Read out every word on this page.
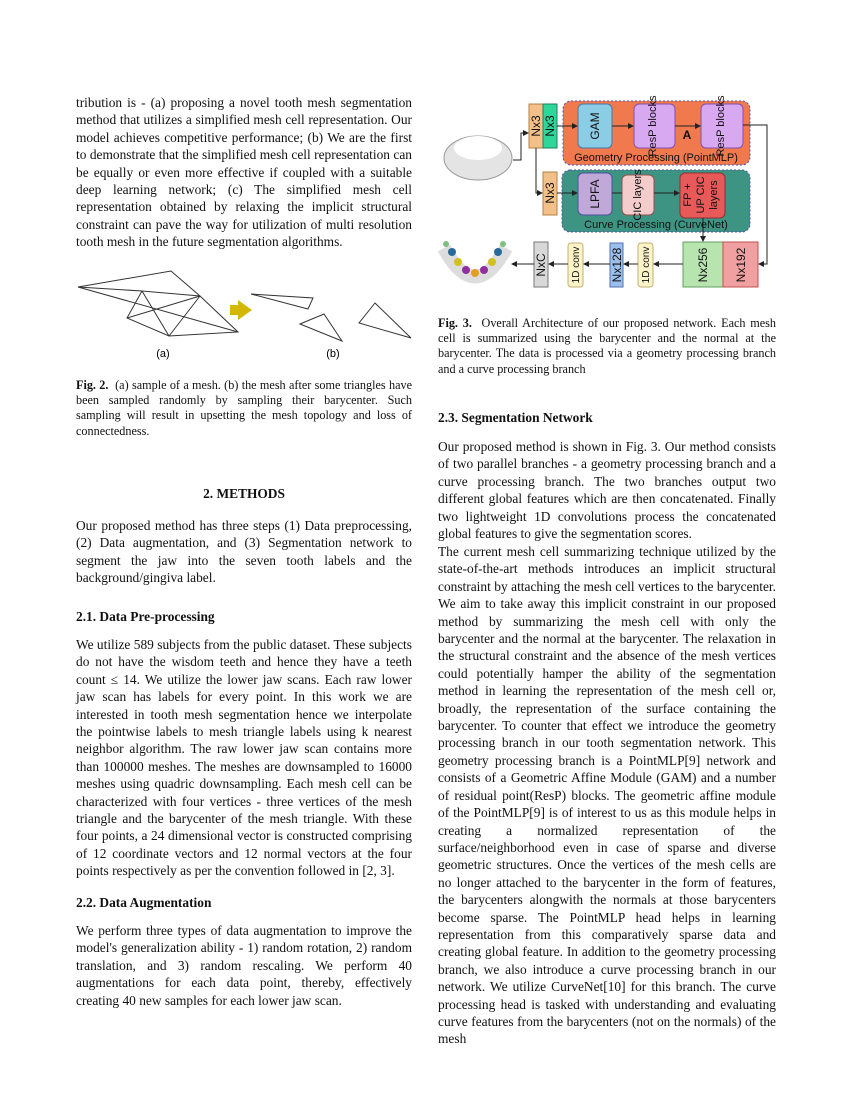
tribution is - (a) proposing a novel tooth mesh segmentation method that utilizes a simplified mesh cell representation. Our model achieves competitive performance; (b) We are the first to demonstrate that the simplified mesh cell representation can be equally or even more effective if coupled with a suitable deep learning network; (c) The simplified mesh cell representation obtained by relaxing the implicit structural constraint can pave the way for utilization of multi resolution tooth mesh in the future segmentation algorithms.

(a)	(b)

Fig. 2. (a) sample of a mesh. (b) the mesh after some triangles have been sampled randomly by sampling their barycenter. Such sampling will result in upsetting the mesh topology and loss of connectedness.

2. METHODS

Our proposed method has three steps (1) Data preprocessing, (2) Data augmentation, and (3) Segmentation network to segment the jaw into the seven tooth labels and the background/gingiva label.

2.1. Data Pre-processing

We utilize 589 subjects from the public dataset. These subjects do not have the wisdom teeth and hence they have a teeth count ≤ 14. We utilize the lower jaw scans. Each raw lower jaw scan has labels for every point. In this work we are interested in tooth mesh segmentation hence we interpolate the pointwise labels to mesh triangle labels using k nearest neighbor algorithm. The raw lower jaw scan contains more than 100000 meshes. The meshes are downsampled to 16000 meshes using quadric downsampling. Each mesh cell can be characterized with four vertices - three vertices of the mesh triangle and the barycenter of the mesh triangle. With these four points, a 24 dimensional vector is constructed comprising of 12 coordinate vectors and 12 normal vectors at the four points respectively as per the convention followed in [2, 3].

2.2. Data Augmentation

We perform three types of data augmentation to improve the model's generalization ability - 1) random rotation, 2) random translation, and 3) random rescaling. We perform 40 augmentations for each data point, thereby, effectively creating 40 new samples for each lower jaw scan.

Nx3 Nx3
Nx3
GAM	ResP blocks A ResP blocks
Geometry Processing (PointMLP)
LPFA	CIC layers	FP + UP CIC layers
Curve Processing (CurveNet)
Nx256 Nx192
1D conv
Nx128
1D conv
NxC

Fig. 3. Overall Architecture of our proposed network. Each mesh cell is summarized using the barycenter and the normal at the barycenter. The data is processed via a geometry processing branch and a curve processing branch

2.3. Segmentation Network

Our proposed method is shown in Fig. 3. Our method consists of two parallel branches - a geometry processing branch and a curve processing branch. The two branches output two different global features which are then concatenated. Finally two lightweight 1D convolutions process the concatenated global features to give the segmentation scores.

The current mesh cell summarizing technique utilized by the state-of-the-art methods introduces an implicit structural constraint by attaching the mesh cell vertices to the barycenter. We aim to take away this implicit constraint in our proposed method by summarizing the mesh cell with only the barycenter and the normal at the barycenter. The relaxation in the structural constraint and the absence of the mesh vertices could potentially hamper the ability of the segmentation method in learning the representation of the mesh cell or, broadly, the representation of the surface containing the barycenter. To counter that effect we introduce the geometry processing branch in our tooth segmentation network. This geometry processing branch is a PointMLP[9] network and consists of a Geometric Affine Module (GAM) and a number of residual point(ResP) blocks. The geometric affine module of the PointMLP[9] is of interest to us as this module helps in creating a normalized representation of the surface/neighborhood even in case of sparse and diverse geometric structures. Once the vertices of the mesh cells are no longer attached to the barycenter in the form of features, the barycenters alongwith the normals at those barycenters become sparse. The PointMLP head helps in learning representation from this comparatively sparse data and creating global feature. In addition to the geometry processing branch, we also introduce a curve processing branch in our network. We utilize CurveNet[10] for this branch. The curve processing head is tasked with understanding and evaluating curve features from the barycenters (not on the normals) of the mesh
